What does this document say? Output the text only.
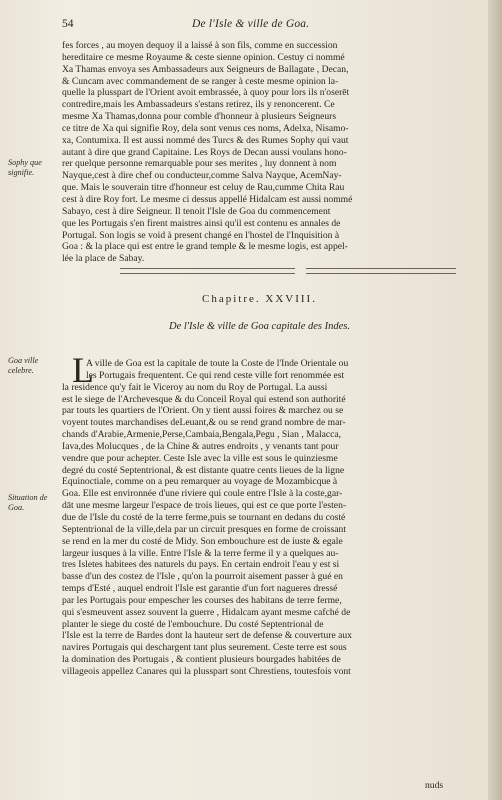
54	De l'Isle & ville de Goa.
fes forces , au moyen dequoy il a laissé à son fils, comme en succession
hereditaire ce mesme Royaume & ceste sienne opinion. Cestuy ci nommé
Xa Thamas envoya ses Ambassadeurs aux Seigneurs de Ballagate , Decan,
& Cuncam avec commandement de se ranger à ceste mesme opinion la-
quelle la plusspart de l'Orient avoit embrassée, à quoy pour lors ils n'oserēt
contredire,mais les Ambassadeurs s'estans retirez, ils y renoncerent. Ce
mesme Xa Thamas,donna pour comble d'honneur à plusieurs Seigneurs
ce titre de Xa qui signifie Roy, dela sont venus ces noms, Adelxa, Nisamo-
xa, Contumixa. Il est aussi nommé des Turcs & des Rumes Sophy qui vaut
autant à dire que grand Capitaine. Les Roys de Decan aussi voulans hono-
rer quelque personne remarquable pour ses merites , luy donnent à nom
Nayque,cest à dire chef ou conducteur,comme Salva Nayque, AcemNay-
que. Mais le souverain titre d'honneur est celuy de Rau,cumme Chita Rau
cest à dire Roy fort. Le mesme ci dessus appellé Hidalcam est aussi nommé
Sabayo, cest à dire Seigneur. Il tenoit l'Isle de Goa du commencement
que les Portugais s'en firent maistres ainsi qu'il est contenu es annales de
Portugal. Son logis se void à present changé en l'hostel de l'Inquisition à
Goa : & la place qui est entre le grand temple & le mesme logis, est appel-
lée la place de Sabay.
Sophy que signifie.
Chapitre. XXVIII.
De l'Isle & ville de Goa capitale des Indes.
L
A ville de Goa est la capitale de toute la Coste de l'Inde Orientale ou
les Portugais frequentent. Ce qui rend ceste ville fort renommée est
la residence qu'y fait le Viceroy au nom du Roy de Portugal. La aussi
est le siege de l'Archevesque & du Conceil Royal qui estend son authorité
par touts les quartiers de l'Orient. On y tient aussi foires & marchez ou se
voyent toutes marchandises deLeuant,& ou se rend grand nombre de mar-
chands d'Arabie,Armenie,Perse,Cambaia,Bengala,Pegu , Sian , Malacca,
Iava,des Molucques , de la Chine & autres endroits , y venants tant pour
vendre que pour achepter. Ceste Isle avec la ville est sous le quinziesme
degré du costé Septentrional, & est distante quatre cents lieues de la ligne
Equinoctiale, comme on a peu remarquer au voyage de Mozambicque à
Goa. Elle est environnée d'une riviere qui coule entre l'Isle à la coste,gar-
dāt une mesme largeur l'espace de trois lieues, qui est ce que porte l'esten-
due de l'Isle du costé de la terre ferme,puis se tournant en dedans du costé
Septentrional de la ville,dela par un circuit presques en forme de croissant
se rend en la mer du costé de Midy. Son embouchure est de iuste & egale
largeur iusques à la ville. Entre l'Isle & la terre ferme il y a quelques au-
tres Isletes habitees des naturels du pays. En certain endroit l'eau y est si
basse d'un des costez de l'Isle , qu'on la pourroit aisement passer à gué en
temps d'Esté , auquel endroit l'Isle est garantie d'un fort nagueres dressé
par les Portugais pour empescher les courses des habitans de terre ferme,
qui s'esmeuvent assez souvent la guerre , Hidalcam ayant mesme cafché de
planter le siege du costé de l'embouchure. Du costé Septentrional de
l'Isle est la terre de Bardes dont la hauteur sert de defense & couverture aux
navires Portugais qui deschargent tant plus seurement. Ceste terre est sous
la domination des Portugais , & contient plusieurs bourgades habitées de
villageois appellez Canares qui la plusspart sont Chrestiens, toutesfois vont
Goa ville celebre.
Situation de Goa.
nuds
